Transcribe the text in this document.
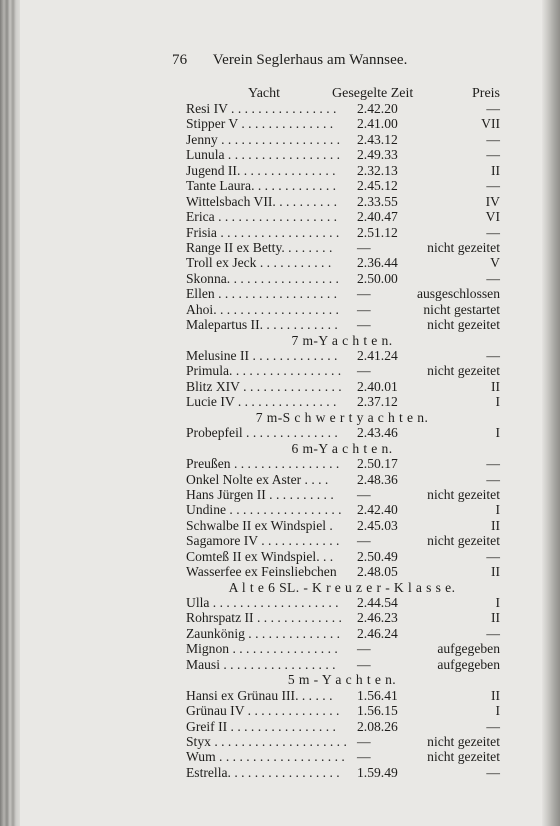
76 Verein Seglerhaus am Wannsee.
Yacht	Gesegelte Zeit	Preis
Resi IV . . . . . . . . . . . . . . . . 2.42.20	—
Stipper V . . . . . . . . . . . . . . 2.41.00	VII
Jenny . . . . . . . . . . . . . . . . . . 2.43.12	—
Lunula . . . . . . . . . . . . . . . . . 2.49.33	—
Jugend II. . . . . . . . . . . . . . . 2.32.13	II
Tante Laura. . . . . . . . . . . . . 2.45.12	—
Wittelsbach VII. . . . . . . . . . 2.33.55	IV
Erica . . . . . . . . . . . . . . . . . . 2.40.47	VI
Frisia . . . . . . . . . . . . . . . . . . 2.51.12	—
Range II ex Betty. . . . . . . . —	nicht gezeitet
Troll ex Jeck . . . . . . . . . . . 2.36.44	V
Skonna. . . . . . . . . . . . . . . . . 2.50.00	—
Ellen . . . . . . . . . . . . . . . . . . —	ausgeschlossen
Ahoi. . . . . . . . . . . . . . . . . . . —	nicht gestartet
Malepartus II. . . . . . . . . . . . —	nicht gezeitet
7 m-Y a c h t e n.
Melusine II . . . . . . . . . . . . . 2.41.24	—
Primula. . . . . . . . . . . . . . . . . —	nicht gezeitet
Blitz XIV . . . . . . . . . . . . . . . 2.40.01	II
Lucie IV . . . . . . . . . . . . . . . 2.37.12	I
7 m-S c h w e r t y a c h t e n.
Probepfeil . . . . . . . . . . . . . . 2.43.46	I
6 m-Y a c h t e n.
Preußen . . . . . . . . . . . . . . . . 2.50.17	—
Onkel Nolte ex Aster . . . . 2.48.36	—
Hans Jürgen II . . . . . . . . . . —	nicht gezeitet
Undine . . . . . . . . . . . . . . . . . 2.42.40	I
Schwalbe II ex Windspiel . 2.45.03	II
Sagamore IV . . . . . . . . . . . . —	nicht gezeitet
Comteß II ex Windspiel. . . 2.50.49	—
Wasserfee ex Feinsliebchen 2.48.05	II
A l t e 6 SL. - K r e u z e r - K l a s s e.
Ulla . . . . . . . . . . . . . . . . . . . 2.44.54	I
Rohrspatz II . . . . . . . . . . . . . 2.46.23	II
Zaunkönig . . . . . . . . . . . . . . 2.46.24	—
Mignon . . . . . . . . . . . . . . . . —	aufgegeben
Mausi . . . . . . . . . . . . . . . . . —	aufgegeben
5 m - Y a c h t e n.
Hansi ex Grünau III. . . . . . 1.56.41	II
Grünau IV . . . . . . . . . . . . . . 1.56.15	I
Greif II . . . . . . . . . . . . . . . . 2.08.26	—
Styx . . . . . . . . . . . . . . . . . . . . —	nicht gezeitet
Wum . . . . . . . . . . . . . . . . . . . —	nicht gezeitet
Estrella. . . . . . . . . . . . . . . . . 1.59.49	—
